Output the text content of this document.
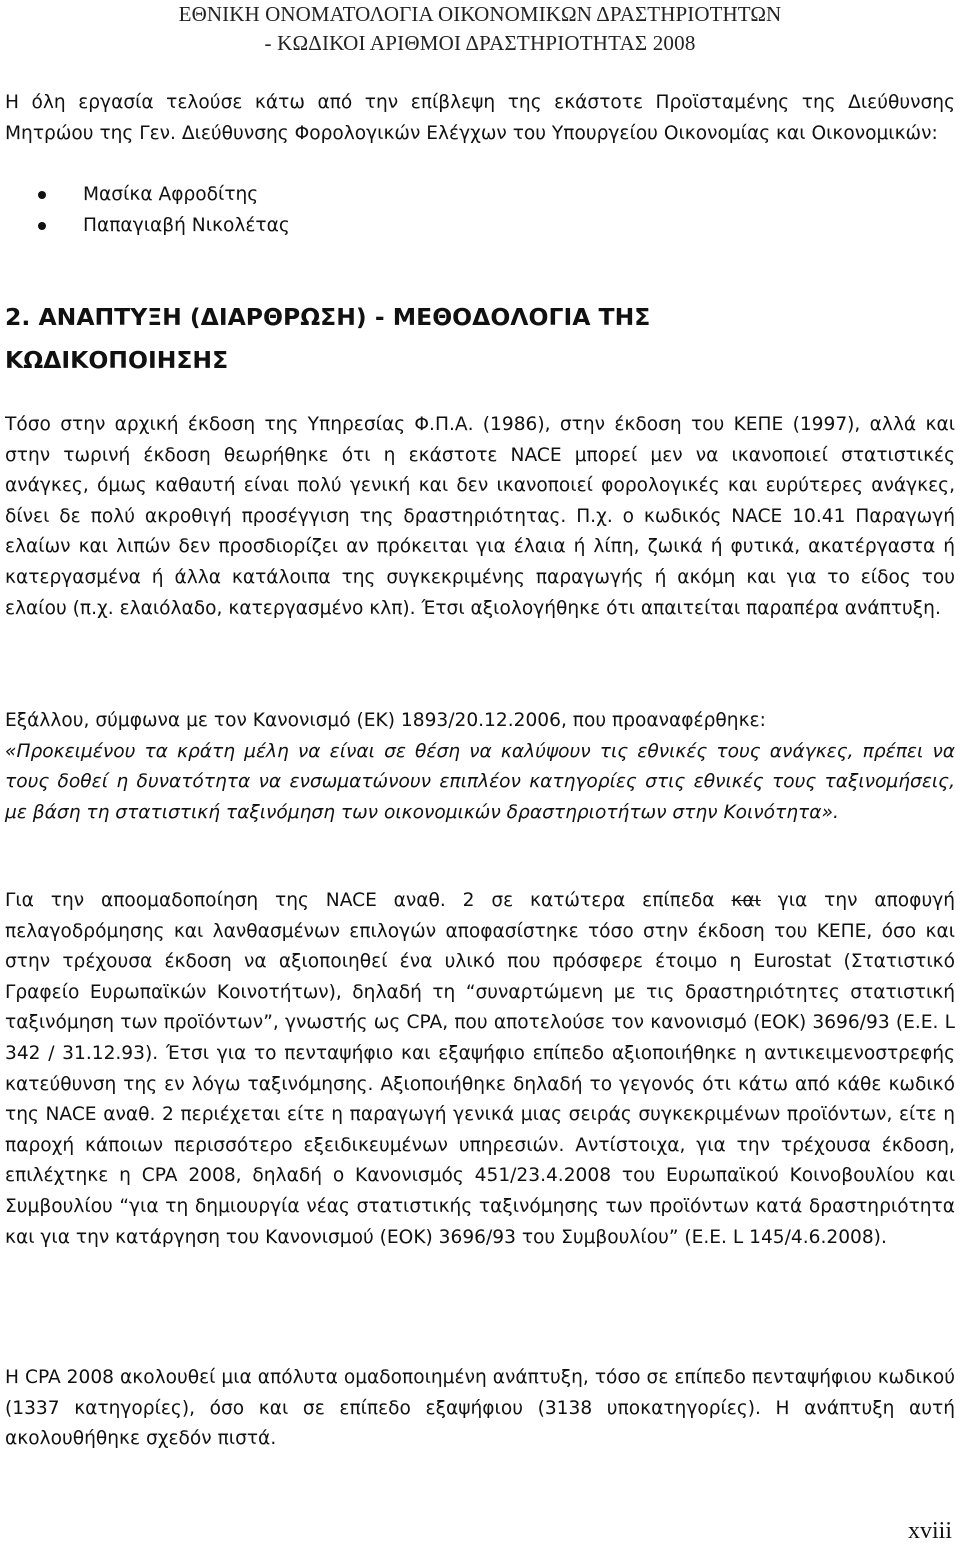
ΕΘΝΙΚΗ ΟΝΟΜΑΤΟΛΟΓΙΑ ΟΙΚΟΝΟΜΙΚΩΝ ΔΡΑΣΤΗΡΙΟΤΗΤΩΝ
- ΚΩΔΙΚΟΙ ΑΡΙΘΜΟΙ ΔΡΑΣΤΗΡΙΟΤΗΤΑΣ 2008

Η όλη εργασία τελούσε κάτω από την επίβλεψη της εκάστοτε Προϊσταμένης της Διεύθυνσης Μητρώου της Γεν. Διεύθυνσης Φορολογικών Ελέγχων του Υπουργείου Οικονομίας και Οικονομικών:

Μασίκα Αφροδίτης
Παπαγιαβή Νικολέτας
2. ΑΝΑΠΤΥΞΗ (ΔΙΑΡΘΡΩΣΗ) - ΜΕΘΟΔΟΛΟΓΙΑ ΤΗΣ
ΚΩΔΙΚΟΠΟΙΗΣΗΣ

Τόσο στην αρχική έκδοση της Υπηρεσίας Φ.Π.Α. (1986), στην έκδοση του ΚΕΠΕ (1997), αλλά και στην τωρινή έκδοση θεωρήθηκε ότι η εκάστοτε NACE μπορεί μεν να ικανοποιεί στατιστικές ανάγκες, όμως καθαυτή είναι πολύ γενική και δεν ικανοποιεί φορολογικές και ευρύτερες ανάγκες, δίνει δε πολύ ακροθιγή προσέγγιση της δραστηριότητας. Π.χ. ο κωδικός NACE 10.41 Παραγωγή ελαίων και λιπών δεν προσδιορίζει αν πρόκειται για έλαια ή λίπη, ζωικά ή φυτικά, ακατέργαστα ή κατεργασμένα ή άλλα κατάλοιπα της συγκεκριμένης παραγωγής ή ακόμη και για το είδος του ελαίου (π.χ. ελαιόλαδο, κατεργασμένο κλπ). Έτσι αξιολογήθηκε ότι απαιτείται παραπέρα ανάπτυξη.

Εξάλλου, σύμφωνα με τον Κανονισμό (ΕΚ) 1893/20.12.2006, που προαναφέρθηκε:

«Προκειμένου τα κράτη μέλη να είναι σε θέση να καλύψουν τις εθνικές τους ανάγκες, πρέπει να τους δοθεί η δυνατότητα να ενσωματώνουν επιπλέον κατηγορίες στις εθνικές τους ταξινομήσεις, με βάση τη στατιστική ταξινόμηση των οικονομικών δραστηριοτήτων στην Κοινότητα».

Για την αποομαδοποίηση της NACE αναθ. 2 σε κατώτερα επίπεδα και για την αποφυγή πελαγοδρόμησης και λανθασμένων επιλογών αποφασίστηκε τόσο στην έκδοση του ΚΕΠΕ, όσο και στην τρέχουσα έκδοση να αξιοποιηθεί ένα υλικό που πρόσφερε έτοιμο η Eurostat (Στατιστικό Γραφείο Ευρωπαϊκών Κοινοτήτων), δηλαδή τη “συναρτώμενη με τις δραστηριότητες στατιστική ταξινόμηση των προϊόντων”, γνωστής ως CPA, που αποτελούσε τον κανονισμό (ΕΟΚ) 3696/93 (Ε.Ε. L 342 / 31.12.93). Έτσι για το πενταψήφιο και εξαψήφιο επίπεδο αξιοποιήθηκε η αντικειμενοστρεφής κατεύθυνση της εν λόγω ταξινόμησης. Αξιοποιήθηκε δηλαδή το γεγονός ότι κάτω από κάθε κωδικό της NACE αναθ. 2 περιέχεται είτε η παραγωγή γενικά μιας σειράς συγκεκριμένων προϊόντων, είτε η παροχή κάποιων περισσότερο εξειδικευμένων υπηρεσιών. Αντίστοιχα, για την τρέχουσα έκδοση, επιλέχτηκε η CPA 2008, δηλαδή ο Κανονισμός 451/23.4.2008 του Ευρωπαϊκού Κοινοβουλίου και Συμβουλίου “για τη δημιουργία νέας στατιστικής ταξινόμησης των προϊόντων κατά δραστηριότητα και για την κατάργηση του Κανονισμού (ΕΟΚ) 3696/93 του Συμβουλίου” (Ε.Ε. L 145/4.6.2008).

Η CPA 2008 ακολουθεί μια απόλυτα ομαδοποιημένη ανάπτυξη, τόσο σε επίπεδο πενταψήφιου κωδικού (1337 κατηγορίες), όσο και σε επίπεδο εξαψήφιου (3138 υποκατηγορίες). Η ανάπτυξη αυτή ακολουθήθηκε σχεδόν πιστά.

xviii
